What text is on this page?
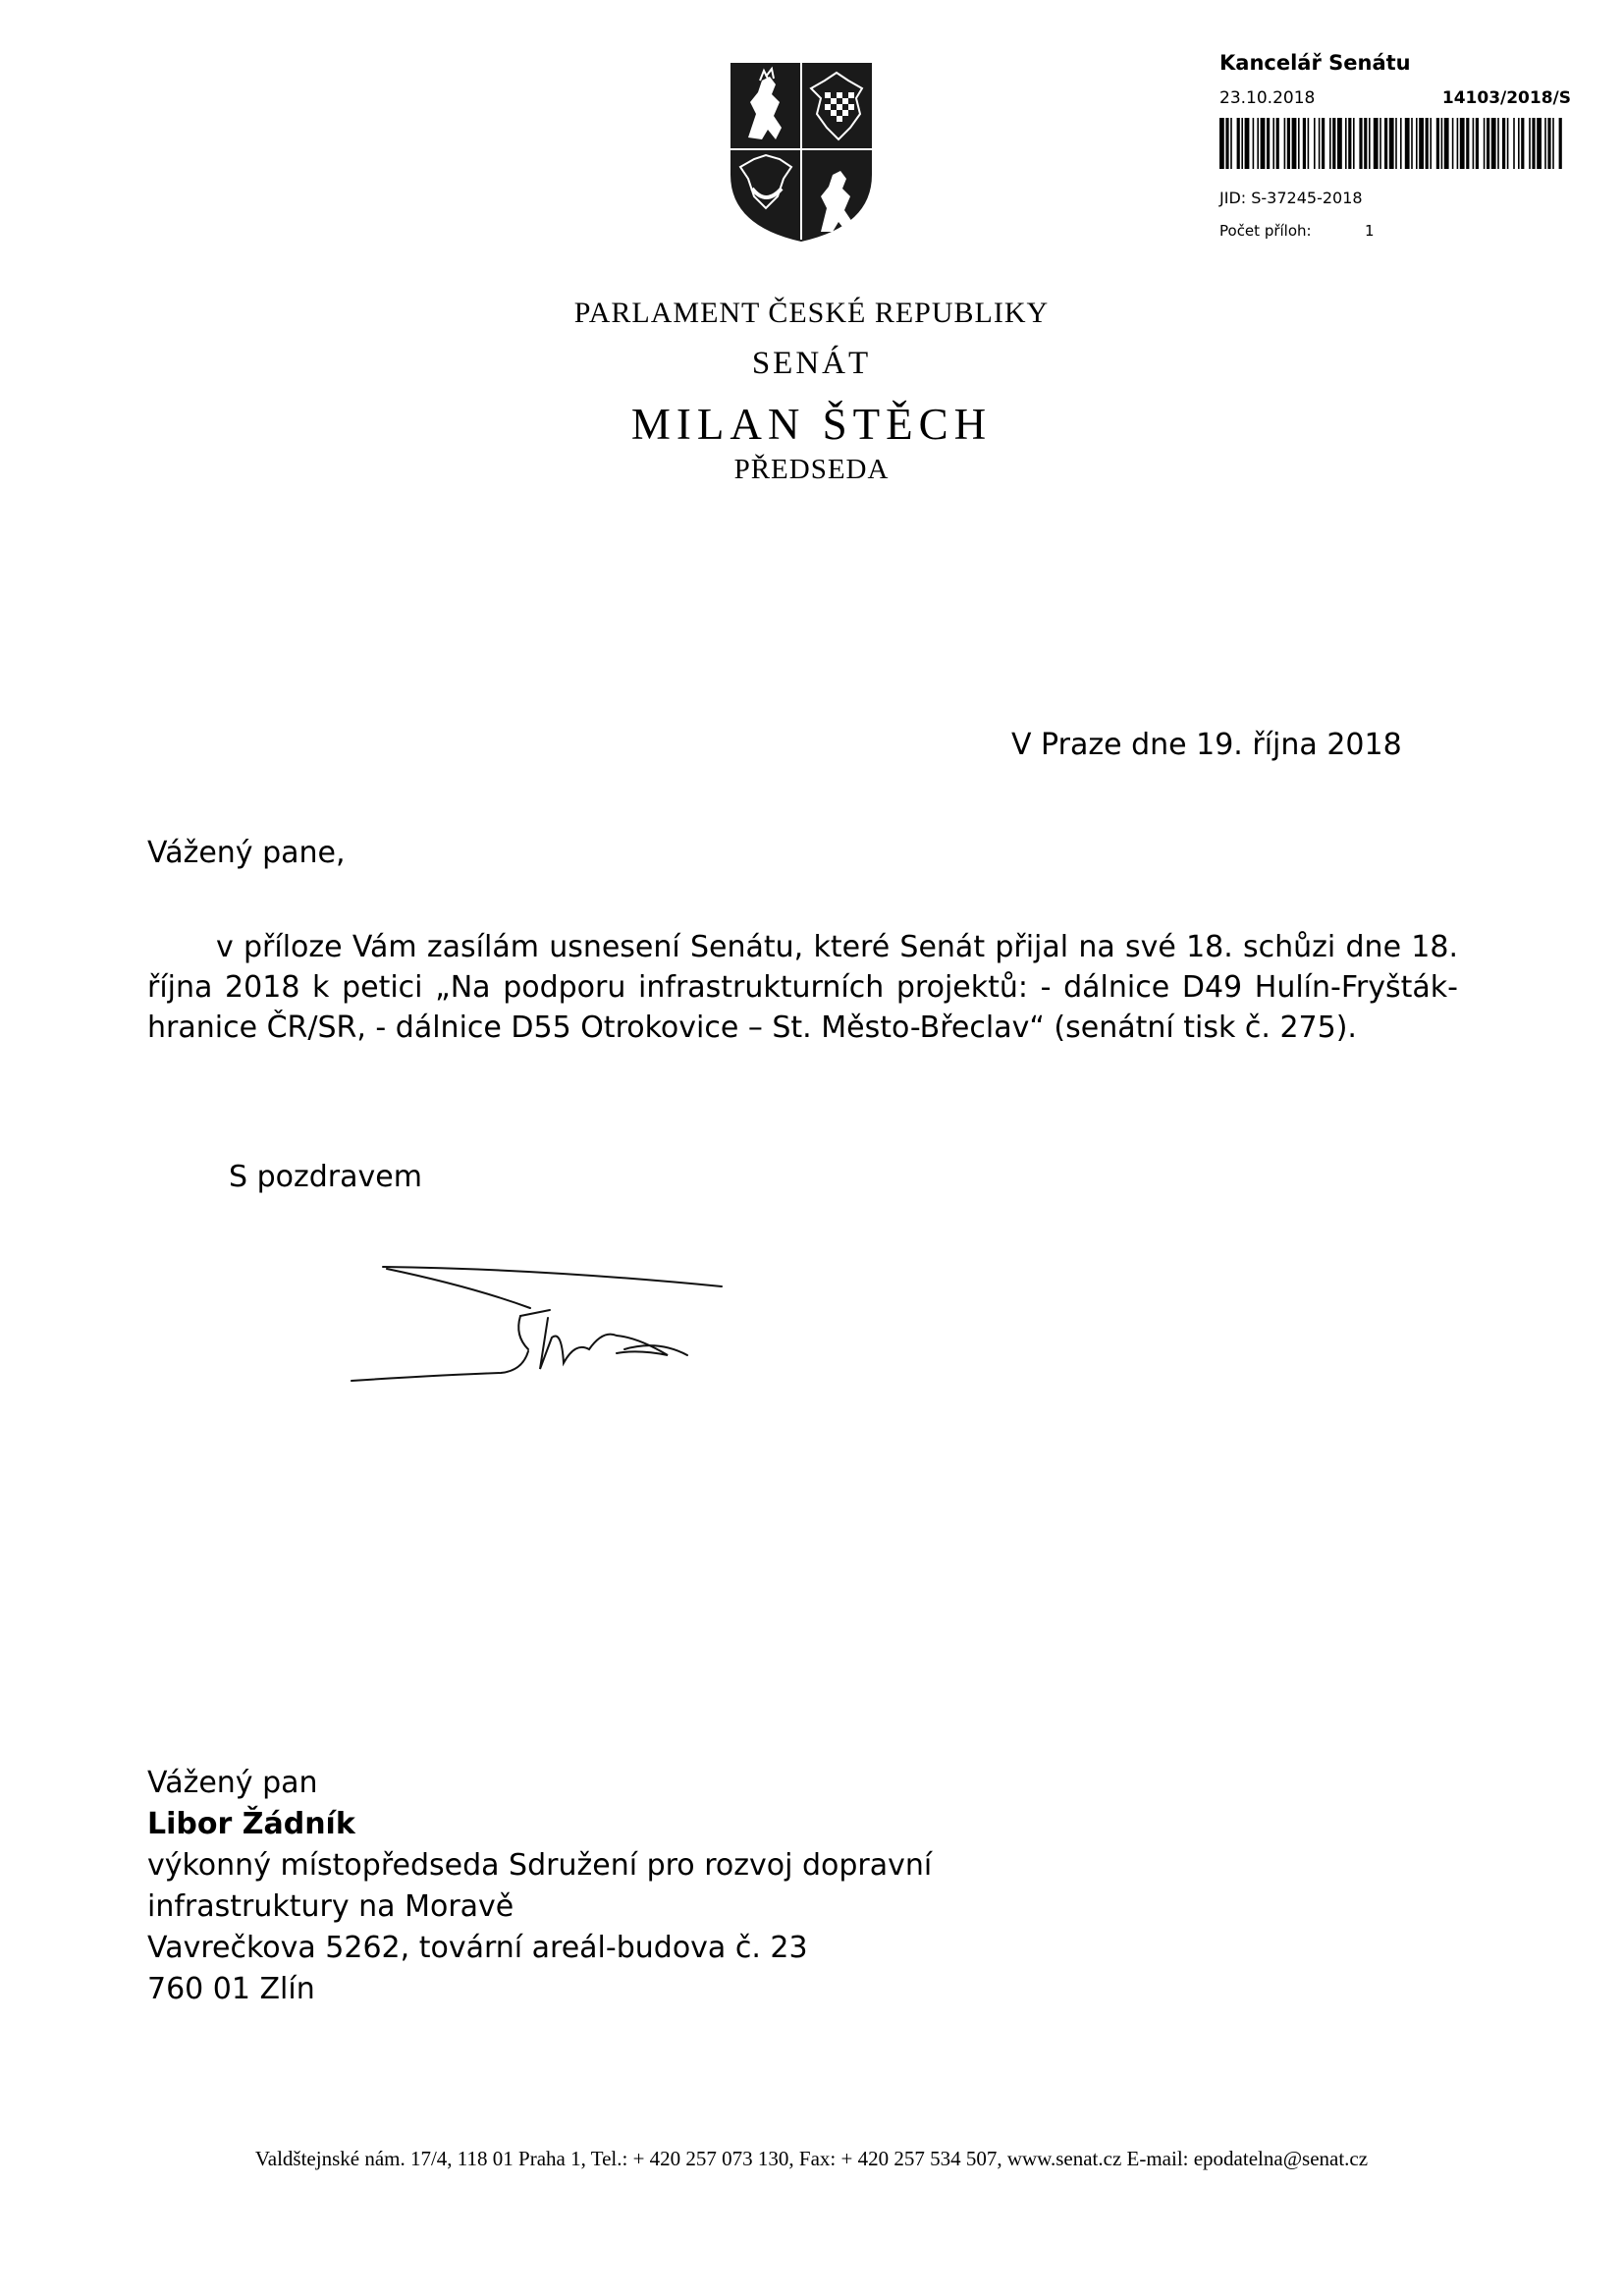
Kancelář Senátu
23.10.2018	14103/2018/S
JID: S-37245-2018
Počet příloh:	1
PARLAMENT ČESKÉ REPUBLIKY
SENÁT
MILAN ŠTĚCH
PŘEDSEDA
V Praze dne 19. října 2018
Vážený pane,
v příloze Vám zasílám usnesení Senátu, které Senát přijal na své 18. schůzi dne 18. října 2018 k petici „Na podporu infrastrukturních projektů: - dálnice D49 Hulín-Fryšták-hranice ČR/SR, - dálnice D55 Otrokovice – St. Město-Břeclav“ (senátní tisk č. 275).
S pozdravem
Vážený pan
Libor Žádník
výkonný místopředseda Sdružení pro rozvoj dopravní
infrastruktury na Moravě
Vavrečkova 5262, tovární areál-budova č. 23
760 01 Zlín
Valdštejnské nám. 17/4, 118 01 Praha 1, Tel.: + 420 257 073 130, Fax: + 420 257 534 507, www.senat.cz E-mail: epodatelna@senat.cz
